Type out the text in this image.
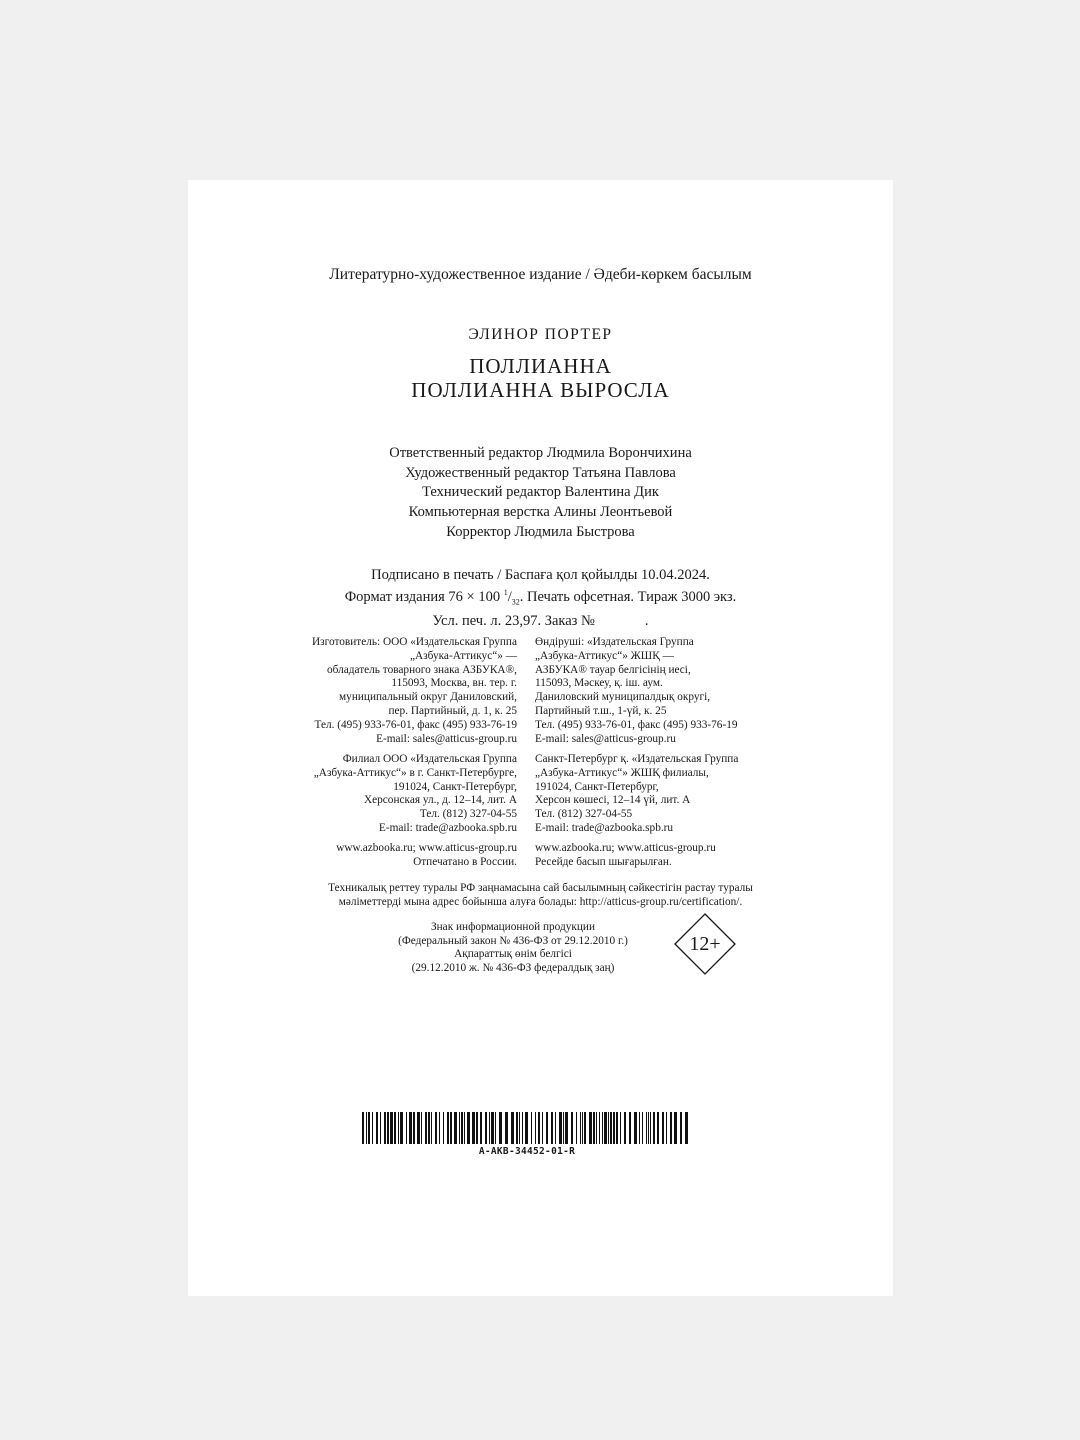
Литературно-художественное издание / Әдеби-көркем басылым
ЭЛИНОР ПОРТЕР
ПОЛЛИАННА
ПОЛЛИАННА ВЫРОСЛА
Ответственный редактор Людмила Ворончихина
Художественный редактор Татьяна Павлова
Технический редактор Валентина Дик
Компьютерная верстка Алины Леонтьевой
Корректор Людмила Быстрова
Подписано в печать / Баспаға қол қойылды 10.04.2024.
Формат издания 76 × 100 $^1/_{32}$. Печать офсетная. Тираж 3000 экз.
Усл. печ. л. 23,97. Заказ №	.
Изготовитель: ООО «Издательская Группа
„Азбука-Аттикус“» —
обладатель товарного знака АЗБУКА®,
115093, Москва, вн. тер. г.
муниципальный округ Даниловский,
пер. Партийный, д. 1, к. 25
Тел. (495) 933-76-01, факс (495) 933-76-19
E-mail: sales@atticus-group.ru
Өндіруші: «Издательская Группа
„Азбука-Аттикус“» ЖШҚ —
АЗБУКА® тауар белгісінің иесі,
115093, Мәскеу, қ. іш. аум.
Даниловский муниципалдық округі,
Партийный т.ш., 1-үй, к. 25
Тел. (495) 933-76-01, факс (495) 933-76-19
E-mail: sales@atticus-group.ru
Филиал ООО «Издательская Группа
„Азбука-Аттикус“» в г. Санкт-Петербурге,
191024, Санкт-Петербург,
Херсонская ул., д. 12–14, лит. А
Тел. (812) 327-04-55
E-mail: trade@azbooka.spb.ru
Санкт-Петербург қ. «Издательская Группа
„Азбука-Аттикус“» ЖШҚ филиалы,
191024, Санкт-Петербург,
Херсон көшесі, 12–14 үй, лит. А
Тел. (812) 327-04-55
E-mail: trade@azbooka.spb.ru
www.azbooka.ru; www.atticus-group.ru
Отпечатано в России.
www.azbooka.ru; www.atticus-group.ru
Ресейде басып шығарылған.
Техникалық реттеу туралы РФ заңнамасына сай басылымның сәйкестігін растау туралы
мәліметтерді мына адрес бойынша алуға болады: http://atticus-group.ru/certification/.
Знак информационной продукции
(Федеральный закон № 436-ФЗ от 29.12.2010 г.)
Ақпараттық өнім белгісі
(29.12.2010 ж. № 436-ФЗ федералдық заң)
12+
A-AKB-34452-01-R
